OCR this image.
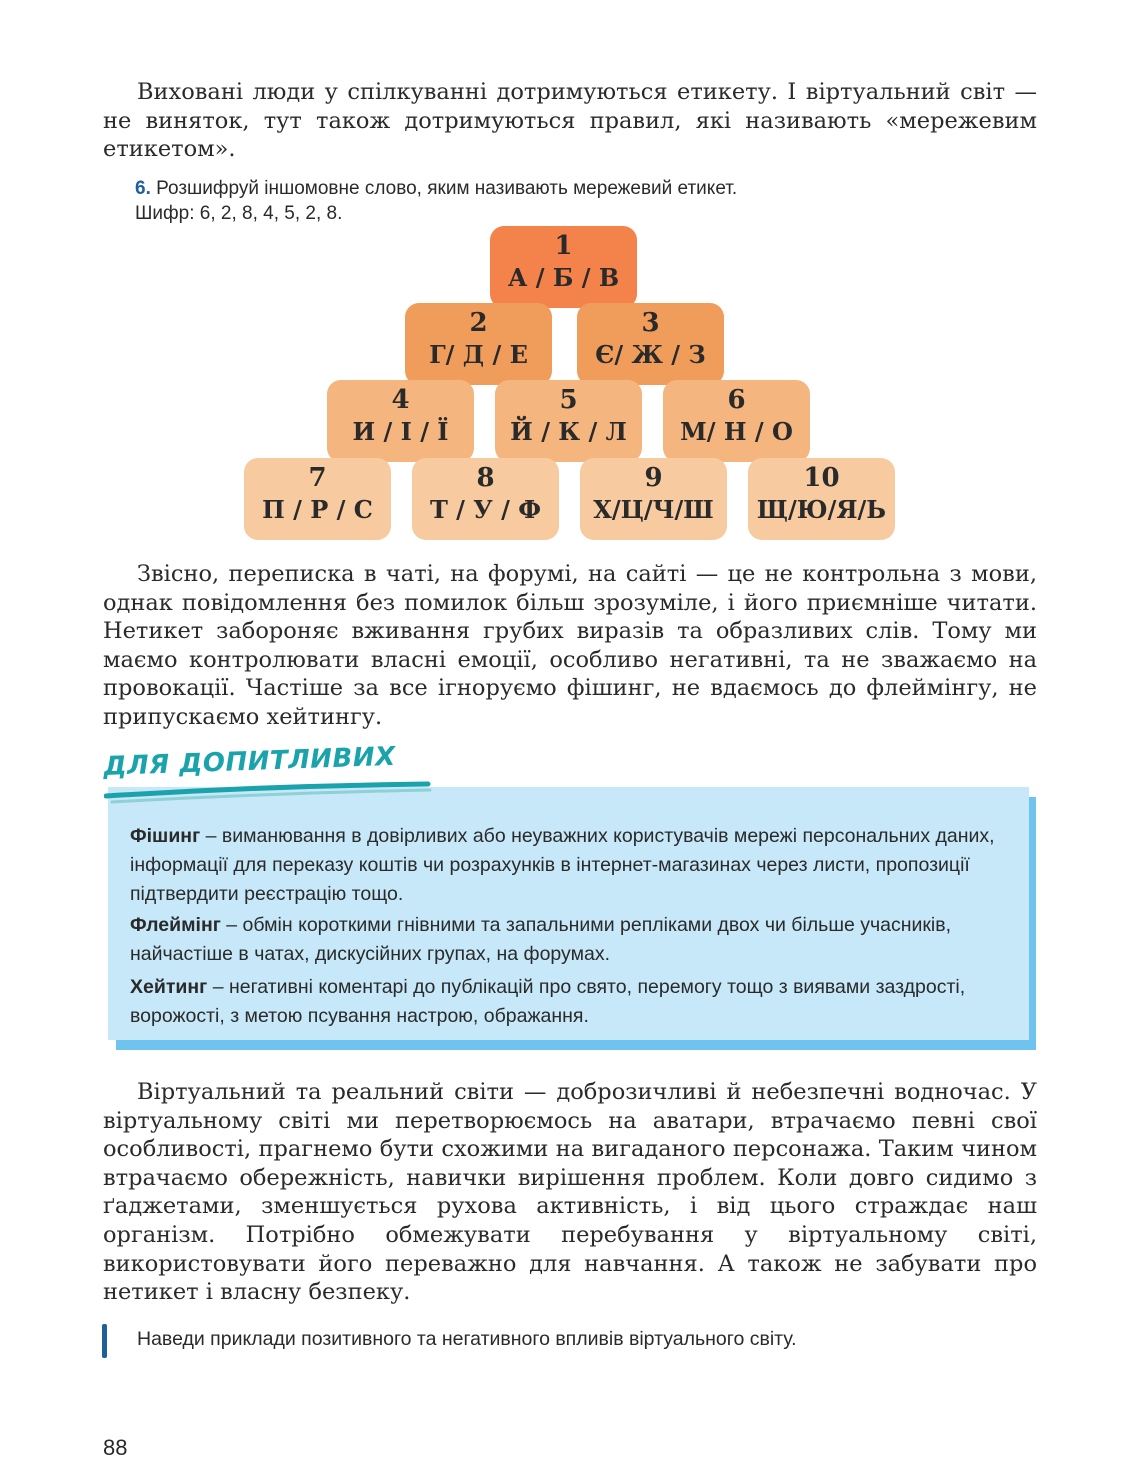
Виховані люди у спілкуванні дотримуються етикету. І віртуальний світ — не виняток, тут також дотримуються правил, які називають «мережевим етикетом».

6. Розшифруй іншомовне слово, яким називають мережевий етикет.
Шифр: 6, 2, 8, 4, 5, 2, 8.
1
А / Б / В
2
Г/ Д / Е
3
Є/ Ж / З
4
И / І / Ї
5
Й / К / Л
6
М/ Н / О
7
П / Р / С
8
Т / У / Ф
9
Х/Ц/Ч/Ш
10
Щ/Ю/Я/Ь

Звісно, переписка в чаті, на форумі, на сайті — це не контрольна з мови, однак повідомлення без помилок більш зрозуміле, і його приємніше читати. Нетикет забороняє вживання грубих виразів та образливих слів. Тому ми маємо контролювати власні емоції, особливо негативні, та не зважаємо на провокації. Частіше за все ігноруємо фішинг, не вдаємось до флеймінгу, не припускаємо хейтингу.

ДЛЯ ДОПИТЛИВИХ
Фішинг – виманювання в довірливих або неуважних користувачів мережі персональних даних, інформації для переказу коштів чи розрахунків в інтернет-магазинах через листи, пропозиції підтвердити реєстрацію тощо.
Флеймінг – обмін короткими гнівними та запальними репліками двох чи більше учасників, найчастіше в чатах, дискусійних групах, на форумах.
Хейтинг – негативні коментарі до публікацій про свято, перемогу тощо з виявами заздрості, ворожості, з метою псування настрою, ображання.

Віртуальний та реальний світи — доброзичливі й небезпечні водночас. У віртуальному світі ми перетворюємось на аватари, втрачаємо певні свої особливості, прагнемо бути схожими на вигаданого персонажа. Таким чином втрачаємо обережність, навички вирішення проблем. Коли довго сидимо з ґаджетами, зменшується рухова активність, і від цього страждає наш організм. Потрібно обмежувати перебування у віртуальному світі, використовувати його переважно для навчання. А також не забувати про нетикет і власну безпеку.

Наведи приклади позитивного та негативного впливів віртуального світу.
88
